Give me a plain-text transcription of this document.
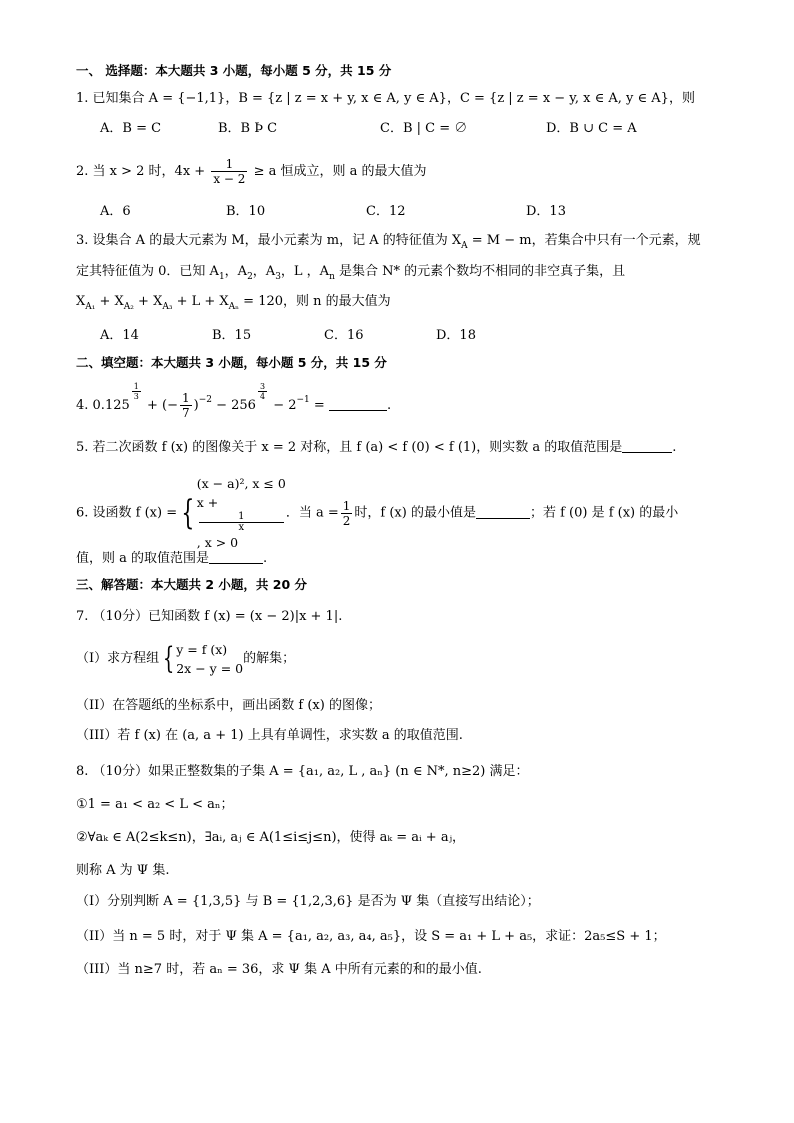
一、 选择题：本大题共 3 小题，每小题 5 分，共 15 分
1. 已知集合 A = {−1,1}，B = {z | z = x + y, x ∈ A, y ∈ A}，C = {z | z = x − y, x ∈ A, y ∈ A}，则
A．B = C	B．B Þ C	C．B | C = ∅	D．B ∪ C = A
2. 当 x > 2 时，$4x + \frac{1}{x - 2} \ge a$ 恒成立，则 a 的最大值为
A．6	B．10	C．12	D．13
3. 设集合 A 的最大元素为 M，最小元素为 m，记 A 的特征值为 $X_A = M - m$，若集合中只有一个元素，规
定其特征值为 0．已知 $A_1$，$A_2$，$A_3$，L ，$A_n$ 是集合 N* 的元素个数均不相同的非空真子集，且
$X_{A_1} + X_{A_2} + X_{A_3} + L + X_{A_n} = 120$，则 n 的最大值为
A．14	B．15	C．16	D．18
二、填空题：本大题共 3 小题，每小题 5 分，共 15 分
4. 0.125
$\frac{1}{3}$
+ (− $\frac{1}{7} )^{-2} - 256$
$\frac{3}{4}$
− $2^{-1}$ =	.
5. 若二次函数 f (x) 的图像关于 x = 2 对称，且 f (a) < f (0) < f (1)，则实数 a 的取值范围是	.
6. 设函数 f (x) = {
(x − a)², x ≤ 0
x +
1
x
, x > 0
．当 $a = \frac{1}{2}$ 时，f (x) 的最小值是	；若 f (0) 是 f (x) 的最小
值，则 a 的取值范围是	.
三、解答题：本大题共 2 小题，共 20 分
7. （10分）已知函数 f (x) = (x − 2)|x + 1|.
（I）求方程组 { y = f (x)
2x − y = 0
的解集；
（II）在答题纸的坐标系中，画出函数 f (x) 的图像；
（III）若 f (x) 在 (a, a + 1) 上具有单调性，求实数 a 的取值范围.
8. （10分）如果正整数集的子集 A = {a₁, a₂, L , aₙ} (n ∈ N*, n≥2) 满足：
①1 = a₁ < a₂ < L < aₙ；
②∀aₖ ∈ A(2≤k≤n)，∃aᵢ, aⱼ ∈ A(1≤i≤j≤n)，使得 aₖ = aᵢ + aⱼ，
则称 A 为 Ψ 集.
（I）分别判断 A = {1,3,5} 与 B = {1,2,3,6} 是否为 Ψ 集（直接写出结论）；
（II）当 n = 5 时，对于 Ψ 集 A = {a₁, a₂, a₃, a₄, a₅}，设 S = a₁ + L + a₅，求证：2a₅≤S + 1；
（III）当 n≥7 时，若 aₙ = 36，求 Ψ 集 A 中所有元素的和的最小值.
